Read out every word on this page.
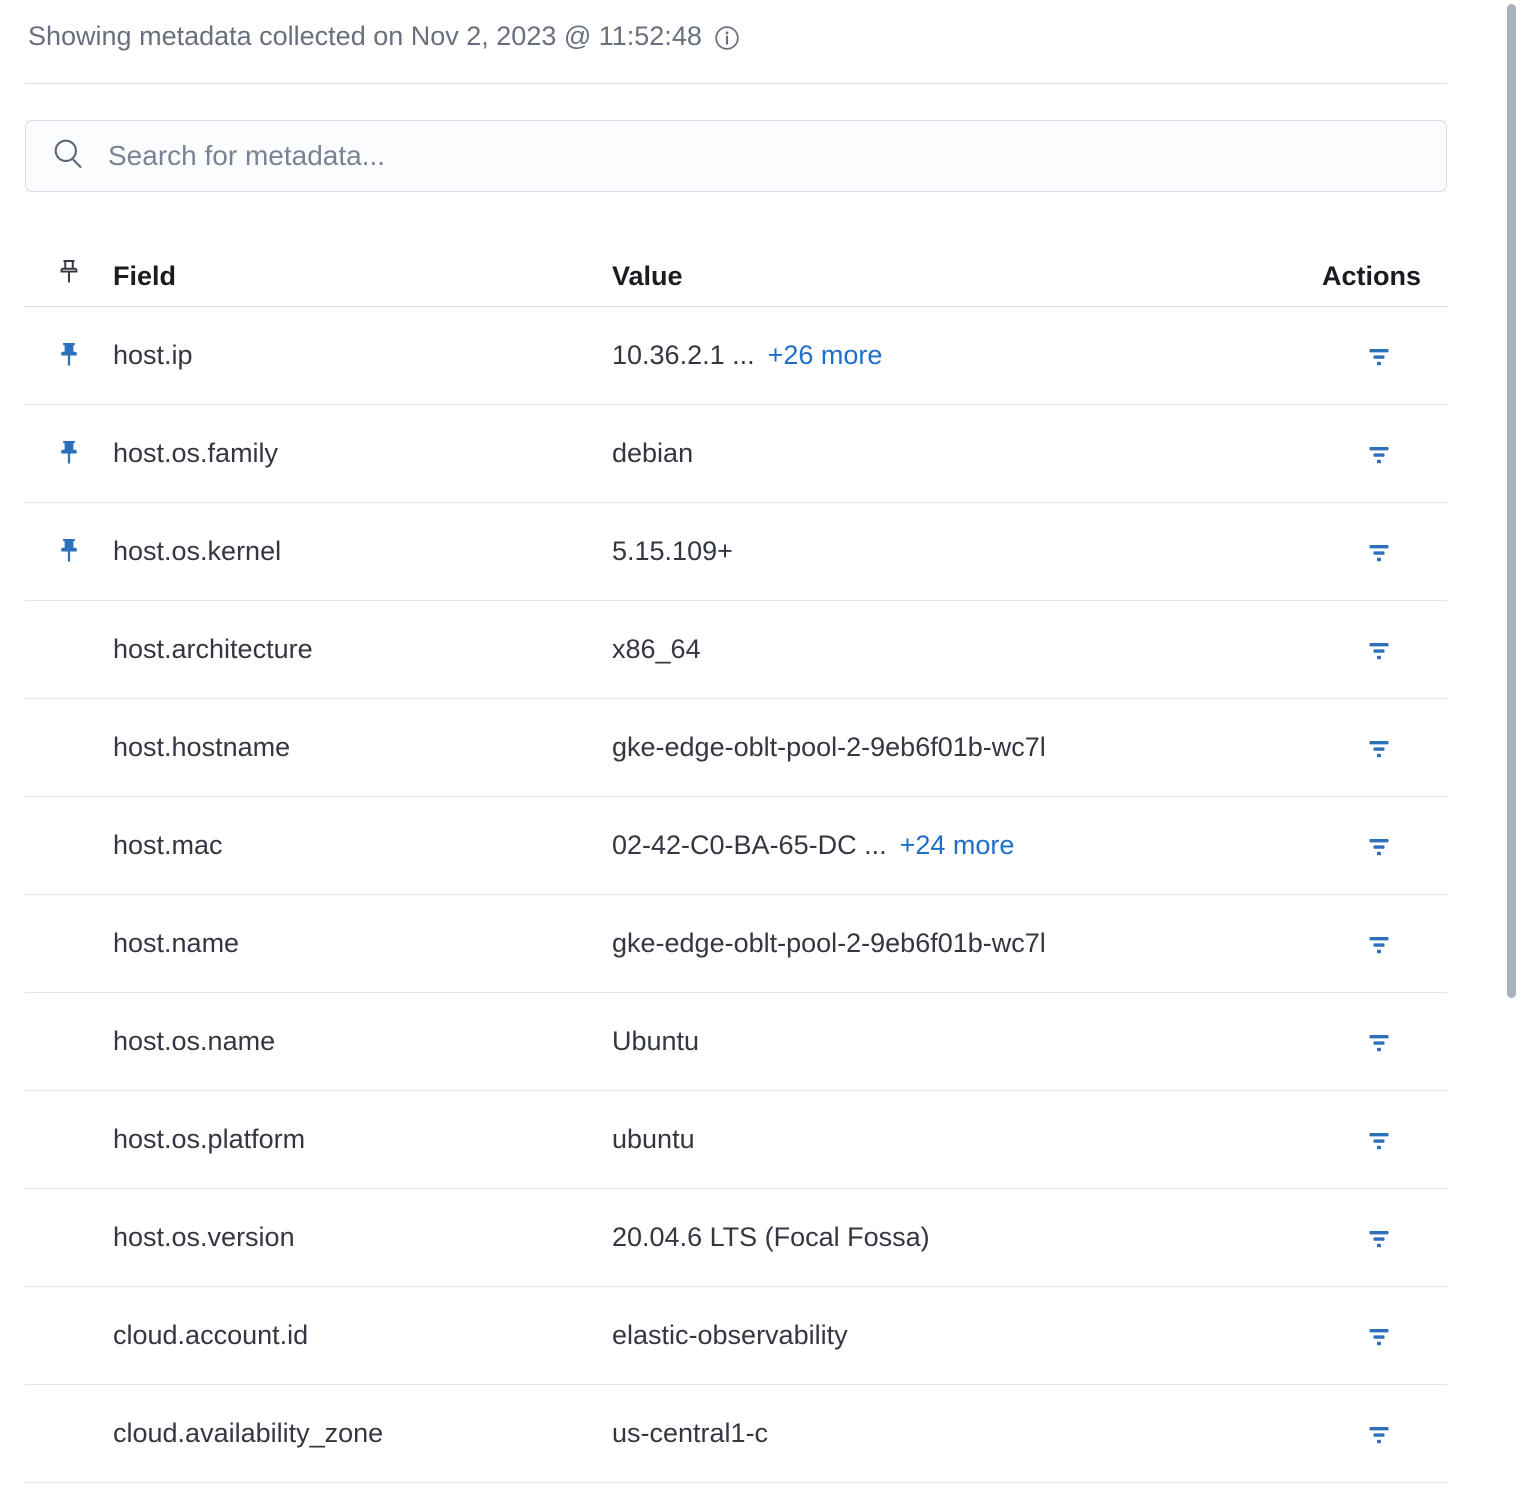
Showing metadata collected on Nov 2, 2023 @ 11:52:48
Search for metadata...
Field	Value	Actions
host.ip	10.36.2.1 ... +26 more
host.os.family	debian
host.os.kernel	5.15.109+
host.architecture	x86_64
host.hostname	gke-edge-oblt-pool-2-9eb6f01b-wc7l
host.mac	02-42-C0-BA-65-DC ... +24 more
host.name	gke-edge-oblt-pool-2-9eb6f01b-wc7l
host.os.name	Ubuntu
host.os.platform	ubuntu
host.os.version	20.04.6 LTS (Focal Fossa)
cloud.account.id	elastic-observability
cloud.availability_zone	us-central1-c
